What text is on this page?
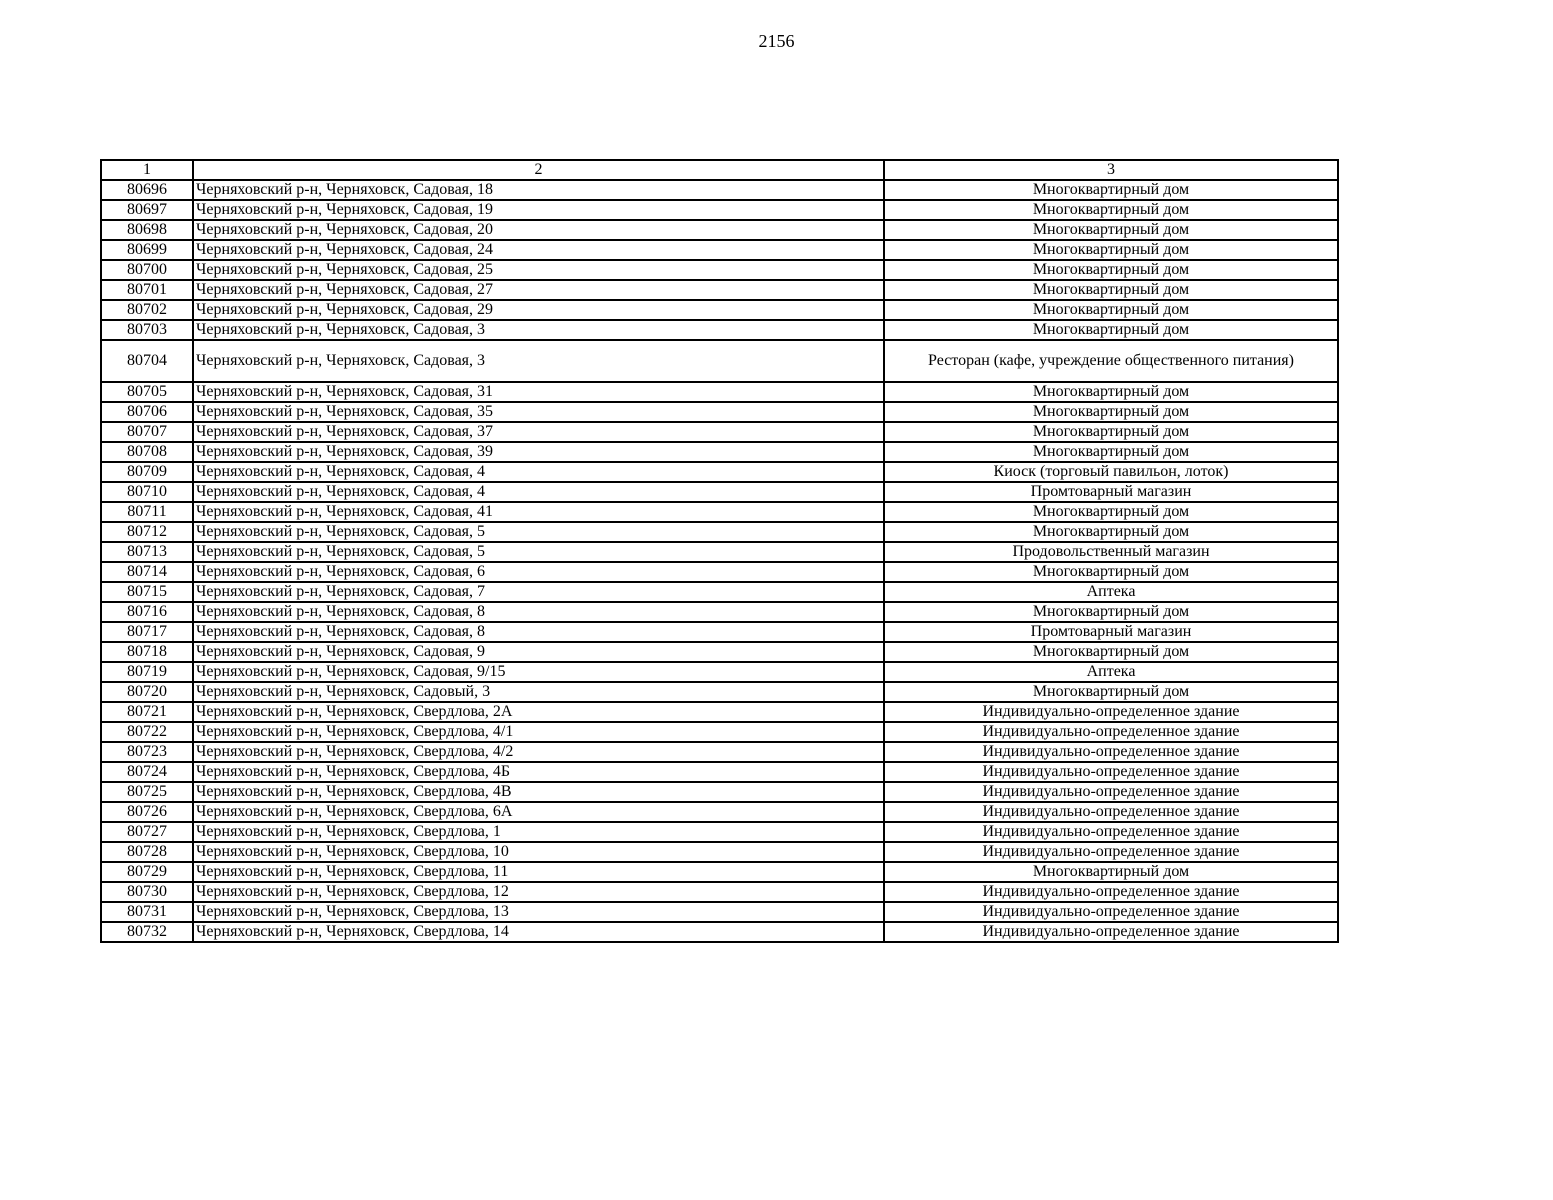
2156
1	2	3
80696	Черняховский р-н, Черняховск, Садовая, 18	Многоквартирный дом
80697	Черняховский р-н, Черняховск, Садовая, 19	Многоквартирный дом
80698	Черняховский р-н, Черняховск, Садовая, 20	Многоквартирный дом
80699	Черняховский р-н, Черняховск, Садовая, 24	Многоквартирный дом
80700	Черняховский р-н, Черняховск, Садовая, 25	Многоквартирный дом
80701	Черняховский р-н, Черняховск, Садовая, 27	Многоквартирный дом
80702	Черняховский р-н, Черняховск, Садовая, 29	Многоквартирный дом
80703	Черняховский р-н, Черняховск, Садовая, 3	Многоквартирный дом
80704	Черняховский р-н, Черняховск, Садовая, 3	Ресторан (кафе, учреждение общественного питания)
80705	Черняховский р-н, Черняховск, Садовая, 31	Многоквартирный дом
80706	Черняховский р-н, Черняховск, Садовая, 35	Многоквартирный дом
80707	Черняховский р-н, Черняховск, Садовая, 37	Многоквартирный дом
80708	Черняховский р-н, Черняховск, Садовая, 39	Многоквартирный дом
80709	Черняховский р-н, Черняховск, Садовая, 4	Киоск (торговый павильон, лоток)
80710	Черняховский р-н, Черняховск, Садовая, 4	Промтоварный магазин
80711	Черняховский р-н, Черняховск, Садовая, 41	Многоквартирный дом
80712	Черняховский р-н, Черняховск, Садовая, 5	Многоквартирный дом
80713	Черняховский р-н, Черняховск, Садовая, 5	Продовольственный магазин
80714	Черняховский р-н, Черняховск, Садовая, 6	Многоквартирный дом
80715	Черняховский р-н, Черняховск, Садовая, 7	Аптека
80716	Черняховский р-н, Черняховск, Садовая, 8	Многоквартирный дом
80717	Черняховский р-н, Черняховск, Садовая, 8	Промтоварный магазин
80718	Черняховский р-н, Черняховск, Садовая, 9	Многоквартирный дом
80719	Черняховский р-н, Черняховск, Садовая, 9/15	Аптека
80720	Черняховский р-н, Черняховск, Садовый, 3	Многоквартирный дом
80721	Черняховский р-н, Черняховск, Свердлова, 2А	Индивидуально-определенное здание
80722	Черняховский р-н, Черняховск, Свердлова, 4/1	Индивидуально-определенное здание
80723	Черняховский р-н, Черняховск, Свердлова, 4/2	Индивидуально-определенное здание
80724	Черняховский р-н, Черняховск, Свердлова, 4Б	Индивидуально-определенное здание
80725	Черняховский р-н, Черняховск, Свердлова, 4В	Индивидуально-определенное здание
80726	Черняховский р-н, Черняховск, Свердлова, 6А	Индивидуально-определенное здание
80727	Черняховский р-н, Черняховск, Свердлова, 1	Индивидуально-определенное здание
80728	Черняховский р-н, Черняховск, Свердлова, 10	Индивидуально-определенное здание
80729	Черняховский р-н, Черняховск, Свердлова, 11	Многоквартирный дом
80730	Черняховский р-н, Черняховск, Свердлова, 12	Индивидуально-определенное здание
80731	Черняховский р-н, Черняховск, Свердлова, 13	Индивидуально-определенное здание
80732	Черняховский р-н, Черняховск, Свердлова, 14	Индивидуально-определенное здание
